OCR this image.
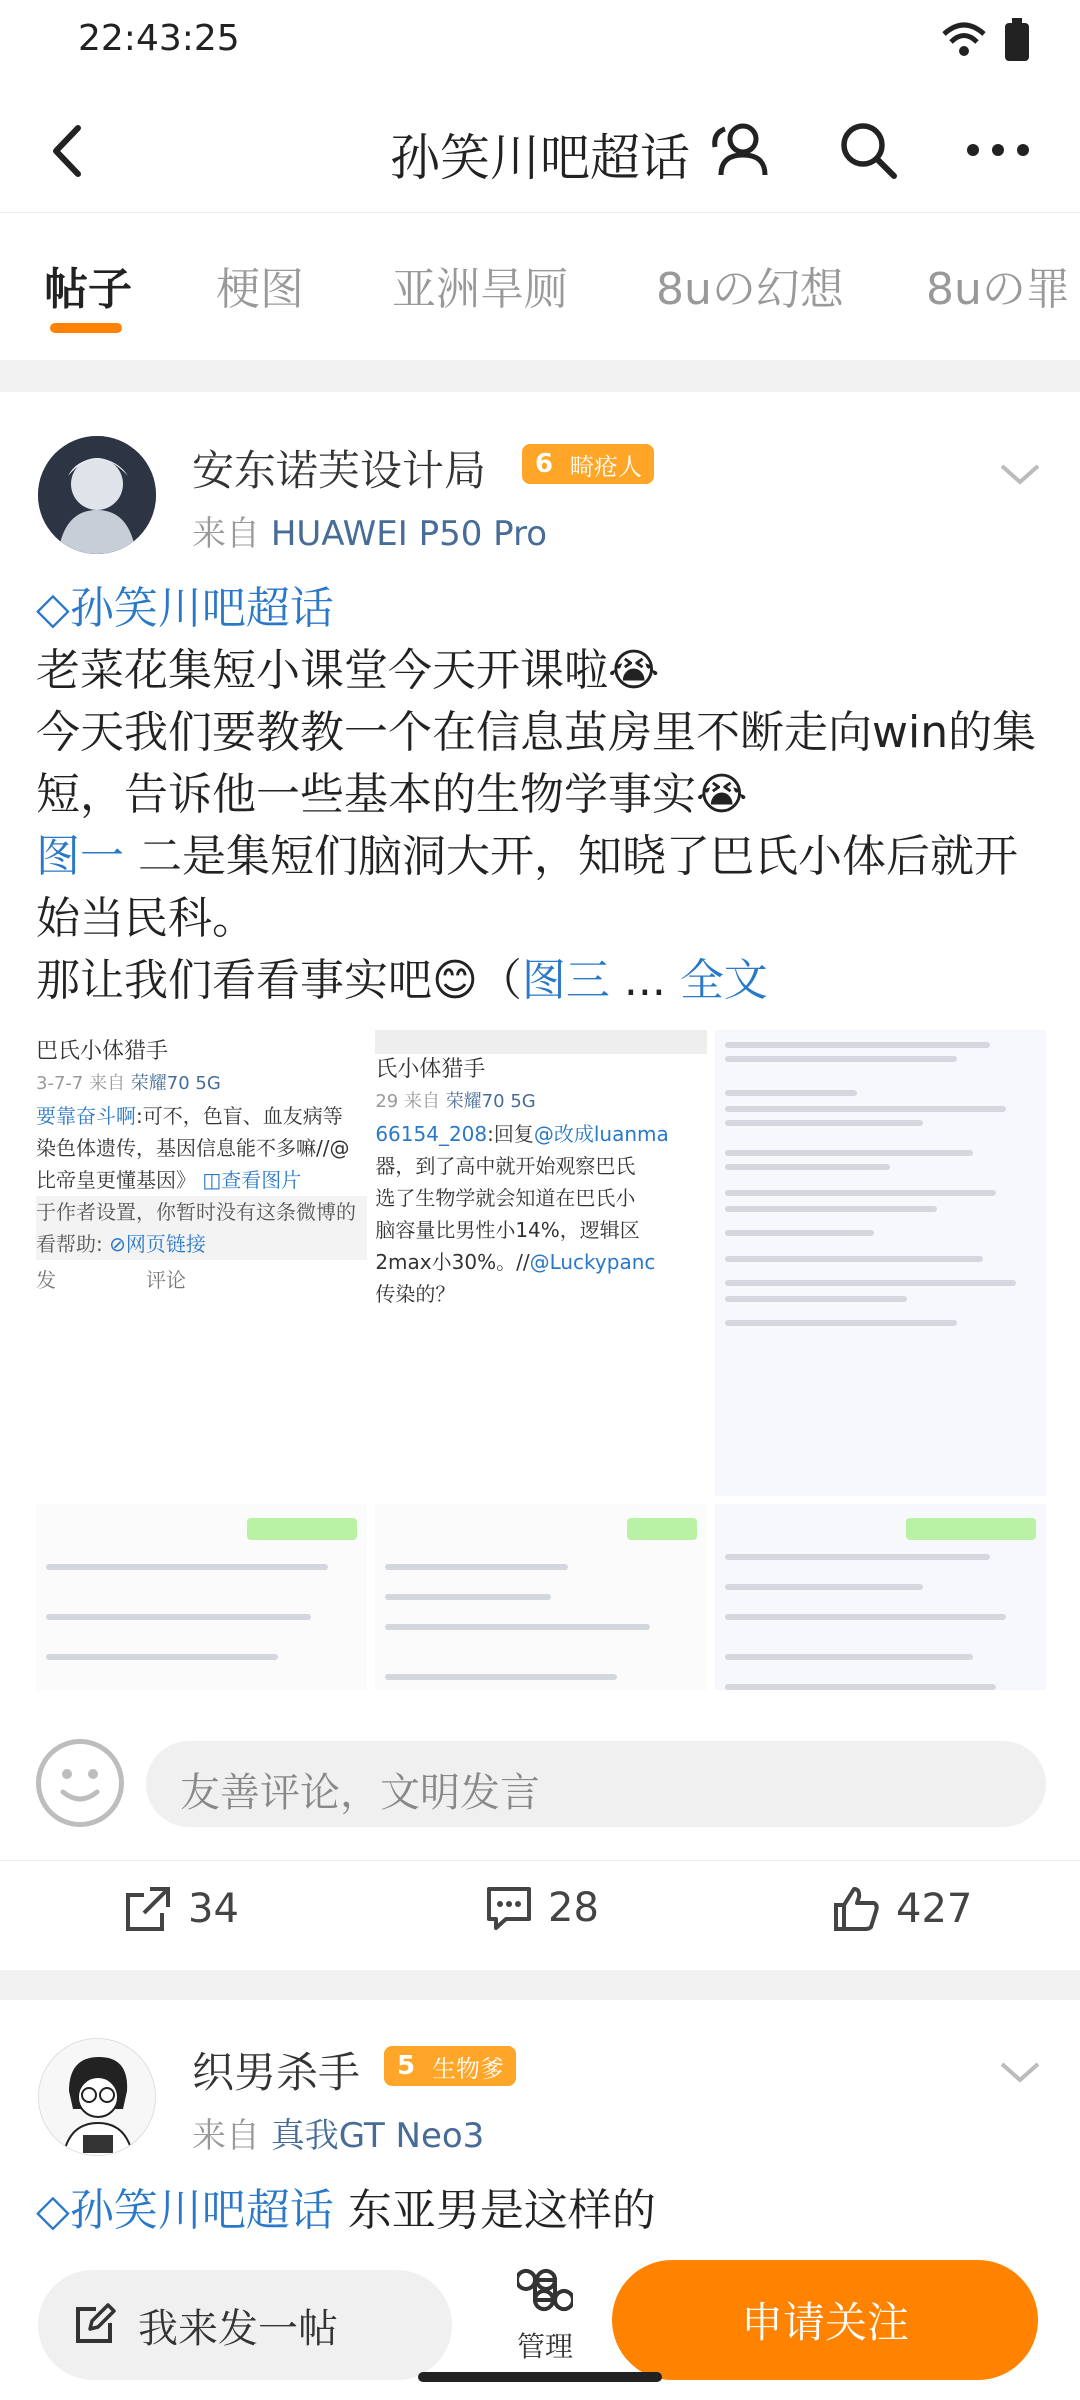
22:43:25
孙笑川吧超话
帖子 梗图 亚洲旱厕 8uの幻想 8uの罪
安东诺芙设计局	6 畸疮人
来自 HUAWEI P50 Pro
◇孙笑川吧超话
老菜花集短小课堂今天开课啦😭
今天我们要教教一个在信息茧房里不断走向win的集短，告诉他一些基本的生物学事实😭
图一 二是集短们脑洞大开，知晓了巴氏小体后就开始当民科。
那让我们看看事实吧😊（图三 ... 全文
巴氏小体猎手
3-7-7 来自 荣耀70 5G
要靠奋斗啊:可不，色盲、血友病等
染色体遗传，基因信息能不多嘛//@
比帝皇更懂基因》 ◫查看图片
于作者设置，你暂时没有这条微博的
看帮助: ⊘网页链接
发	评论
氏小体猎手
29 来自 荣耀70 5G
66154_208:回复@改成luanma
器，到了高中就开始观察巴氏
选了生物学就会知道在巴氏小
脑容量比男性小14%，逻辑区
2max小30%。//@Luckypanc
传染的？
友善评论，文明发言
34	28	427
织男杀手	5 生物爹
来自 真我GT Neo3
◇孙笑川吧超话 东亚男是这样的
我来发一帖	管理	申请关注
